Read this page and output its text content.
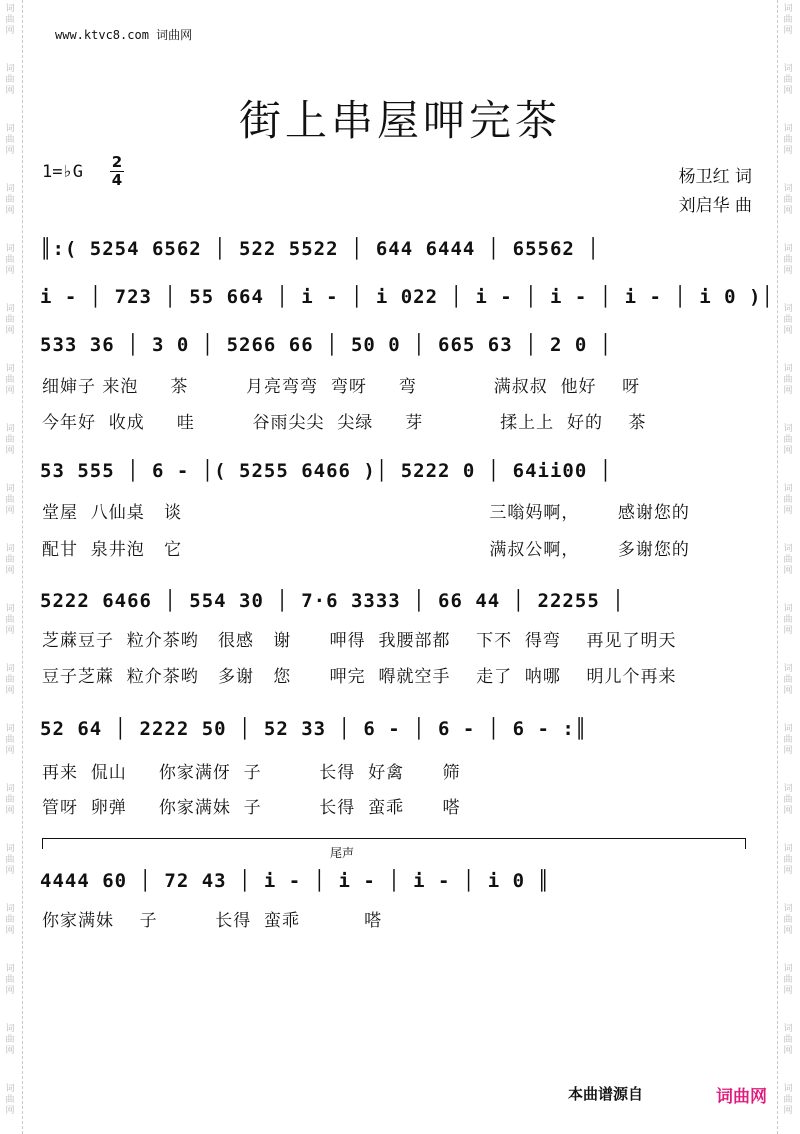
词
曲
网
词
曲
网
词
曲
网
词
曲
网
词
曲
网
词
曲
网
词
曲
网
词
曲
网
词
曲
网
词
曲
网
词
曲
网
词
曲
网
词
曲
网
词
曲
网
词
曲
网
词
曲
网
词
曲
网
词
曲
网
词
曲
网
词
曲
网
词
曲
网
词
曲
网
词
曲
网
词
曲
网
词
曲
网
词
曲
网
词
曲
网
词
曲
网
词
曲
网
词
曲
网
词
曲
网
词
曲
网
词
曲
网
词
曲
网
词
曲
网
词
曲
网
词
曲
网
词
曲
网
www.ktvc8.com 词曲网
街上串屋呷完茶
1=♭G 2
4	杨卫红 词
刘启华 曲
║:( 5254 6562 │ 522 5522 │ 644 6444 │ 65562 │
i - │ 723 │ 55 664 │ i - │ i 022 │ i - │ i - │ i - │ i 0 )│
533 36 │ 3 0 │ 5266 66 │ 50 0 │ 665 63 │ 2 0 │
细婶子 来泡     茶         月亮弯弯  弯呀     弯            满叔叔  他好    呀
今年好  收成     哇         谷雨尖尖  尖绿     芽            揉上上  好的    茶
53 555 │ 6 - │( 5255 6466 )│ 5222 0 │ 64ii00 │
堂屋  八仙桌   谈                                                三嗡妈啊，      感谢您的
配甘  泉井泡   它                                                满叔公啊，      多谢您的
5222 6466 │ 554 30 │ 7·6 3333 │ 66 44 │ 22255 │
芝蔴豆子  粒介茶哟   很感   谢      呷得  我腰部都    下不  得弯    再见了明天
豆子芝蔴  粒介茶哟   多谢   您      呷完  嘚就空手    走了  呐哪    明儿个再来
52 64 │ 2222 50 │ 52 33 │ 6 - │ 6 - │ 6 - :║
再来  侃山     你家满伢  子         长得  好禽      筛
管呀  卵弹     你家满妹  子         长得  蛮乖      嗒
尾声
4444 60 │ 72 43 │ i - │ i - │ i - │ i 0 ║
你家满妹    子         长得  蛮乖          嗒
本曲谱源自	词曲网
